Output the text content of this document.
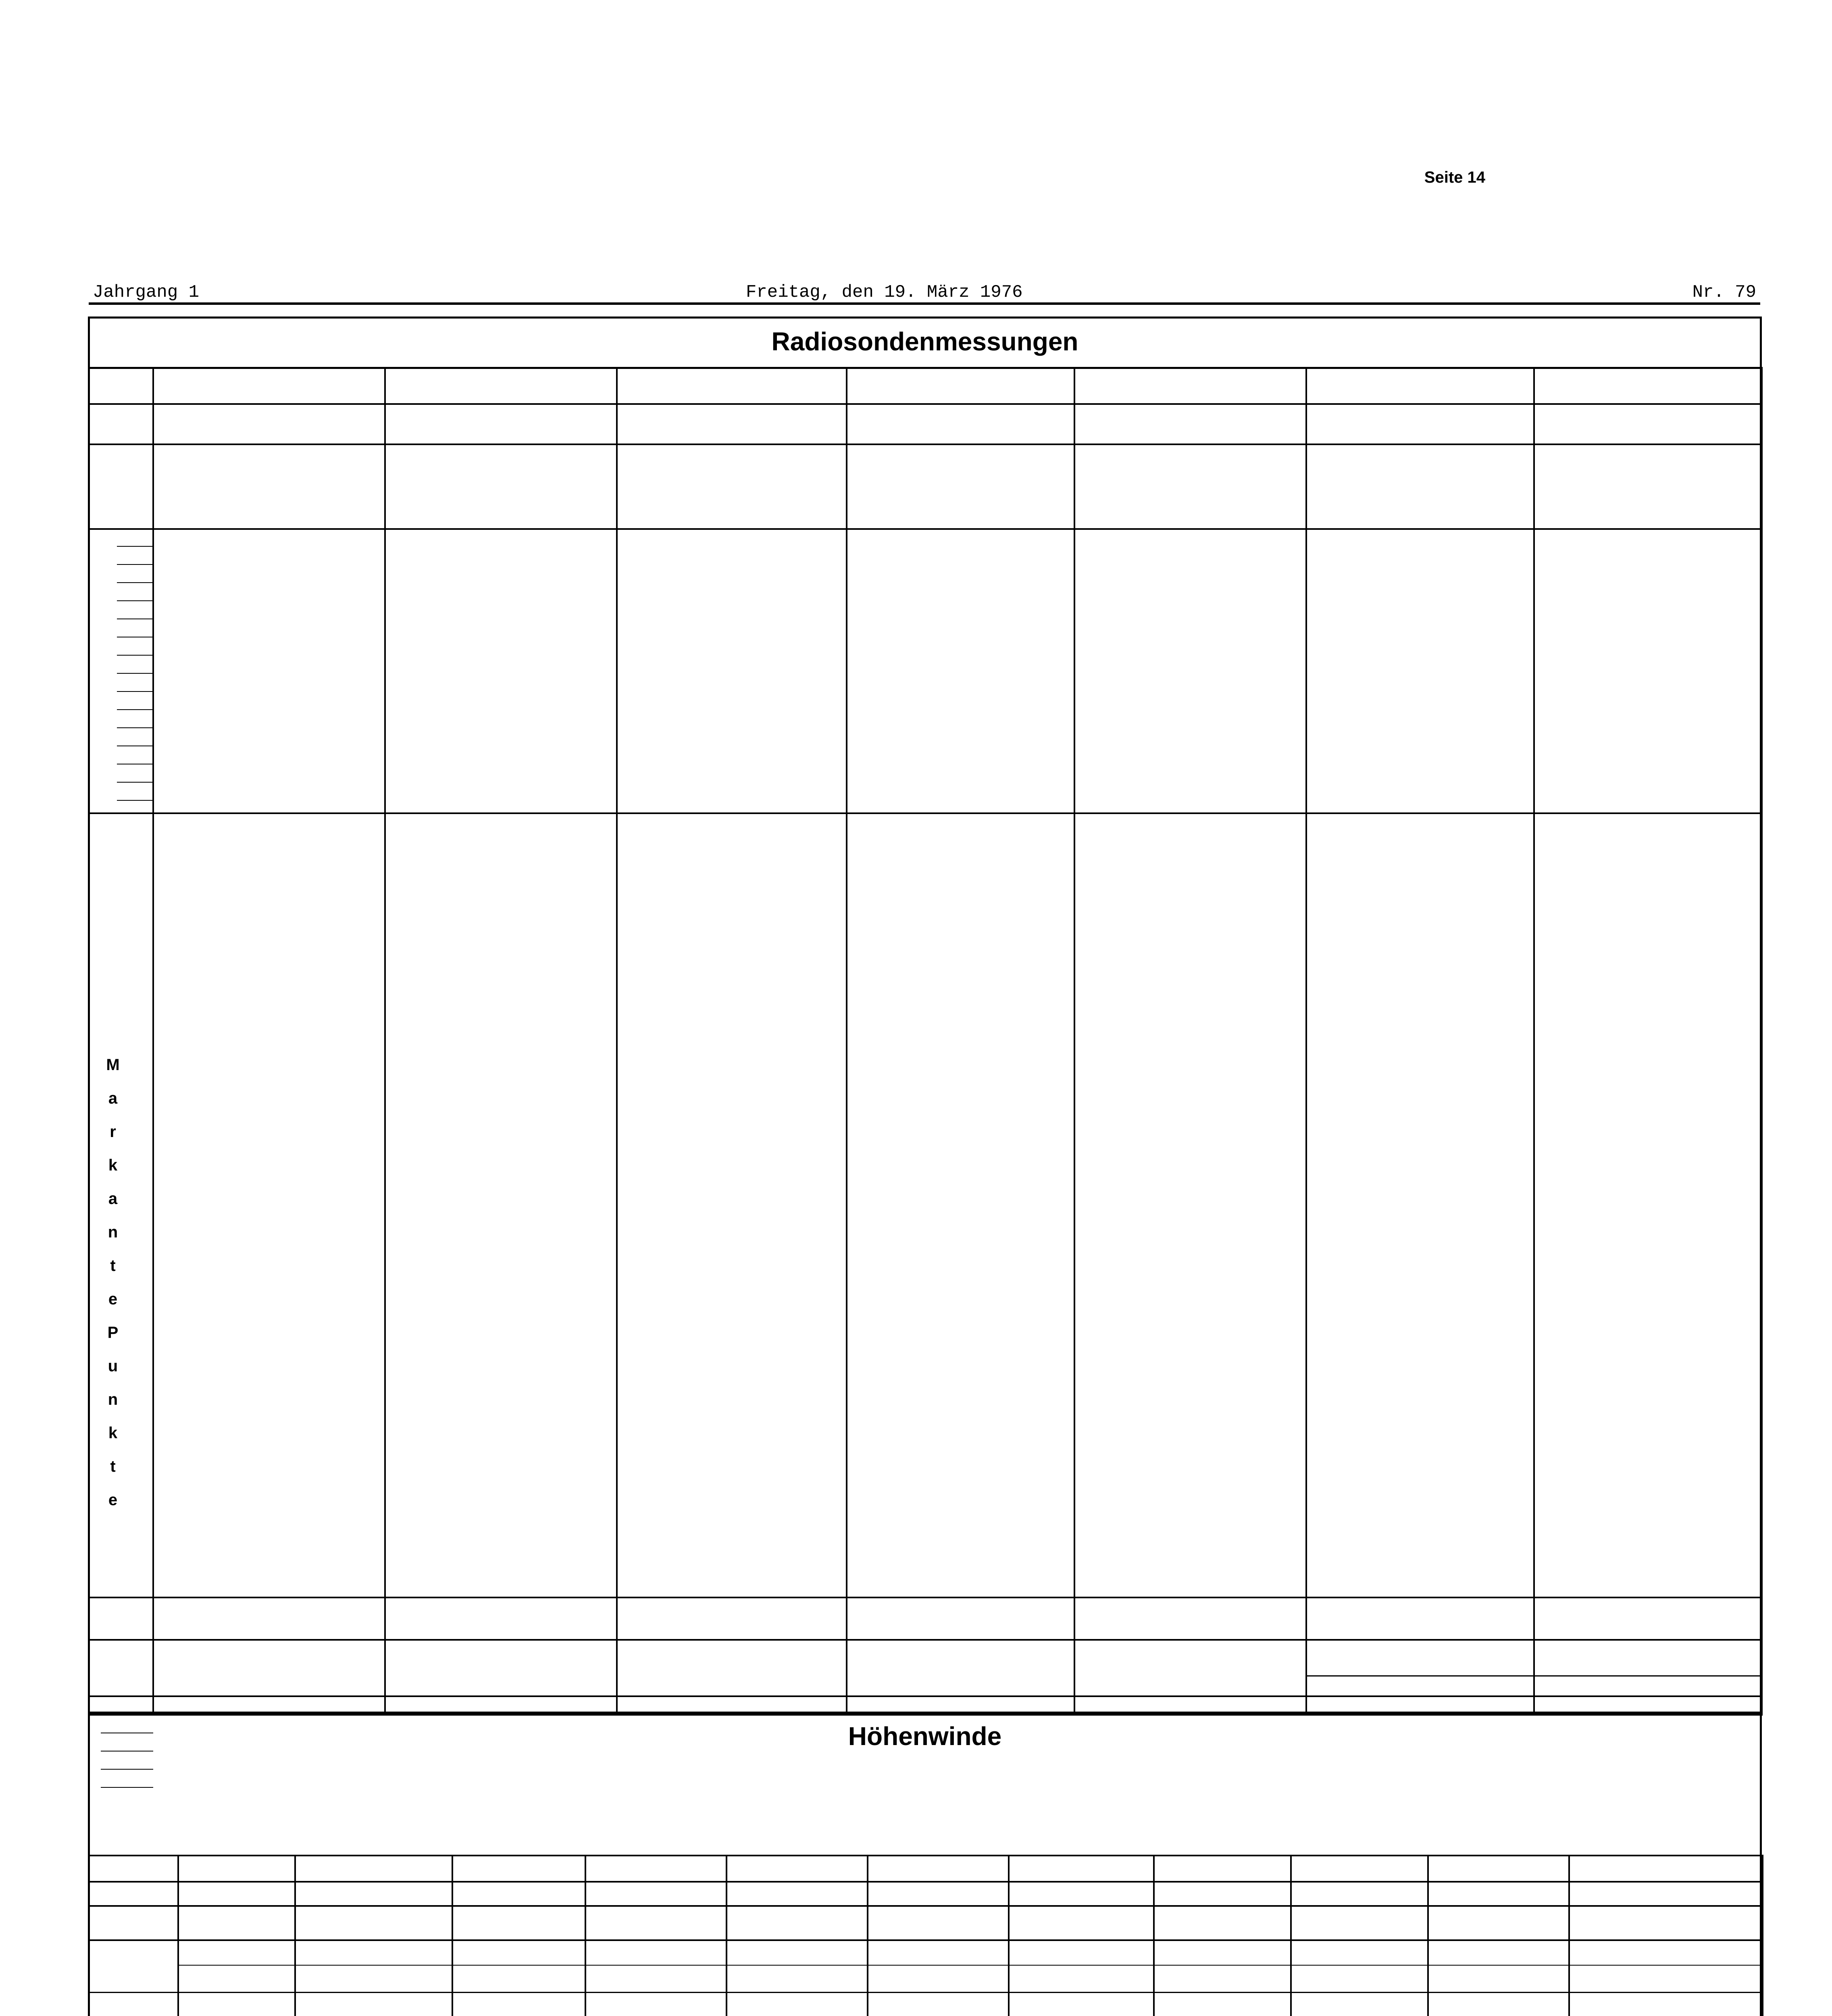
Seite 14
Jahrgang 1	Freitag, den 19. März 1976	Nr. 79
Radiosondenmessungen
Höhenwinde
M
a
r
k
a
n
t
e
P
u
n
k
t
e
